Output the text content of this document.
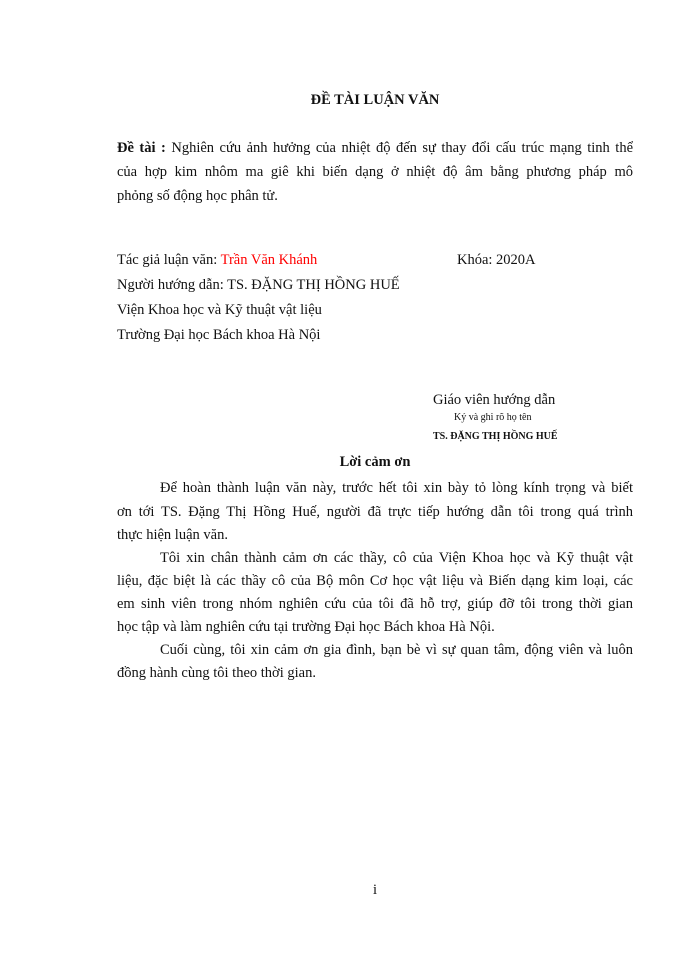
ĐỀ TÀI LUẬN VĂN
Đề tài : Nghiên cứu ảnh hưởng của nhiệt độ đến sự thay đổi cấu trúc mạng tinh thể
của hợp kim nhôm ma giê khi biến dạng ở nhiệt độ âm bằng phương pháp mô
phỏng số động học phân tử.
Tác giả luận văn: Trần Văn Khánh	Khóa: 2020A
Người hướng dẫn: TS. ĐẶNG THỊ HỒNG HUẾ
Viện Khoa học và Kỹ thuật vật liệu
Trường Đại học Bách khoa Hà Nội
Giáo viên hướng dẫn
Ký và ghi rõ họ tên
TS. ĐẶNG THỊ HỒNG HUẾ
Lời cảm ơn
Để hoàn thành luận văn này, trước hết tôi xin bày tỏ lòng kính trọng và biết
ơn tới TS. Đặng Thị Hồng Huế, người đã trực tiếp hướng dẫn tôi trong quá trình
thực hiện luận văn.
Tôi xin chân thành cảm ơn các thầy, cô của Viện Khoa học và Kỹ thuật vật
liệu, đặc biệt là các thầy cô của Bộ môn Cơ học vật liệu và Biến dạng kim loại, các
em sinh viên trong nhóm nghiên cứu của tôi đã hỗ trợ, giúp đỡ tôi trong thời gian
học tập và làm nghiên cứu tại trường Đại học Bách khoa Hà Nội.
Cuối cùng, tôi xin cảm ơn gia đình, bạn bè vì sự quan tâm, động viên và luôn
đồng hành cùng tôi theo thời gian.
i
